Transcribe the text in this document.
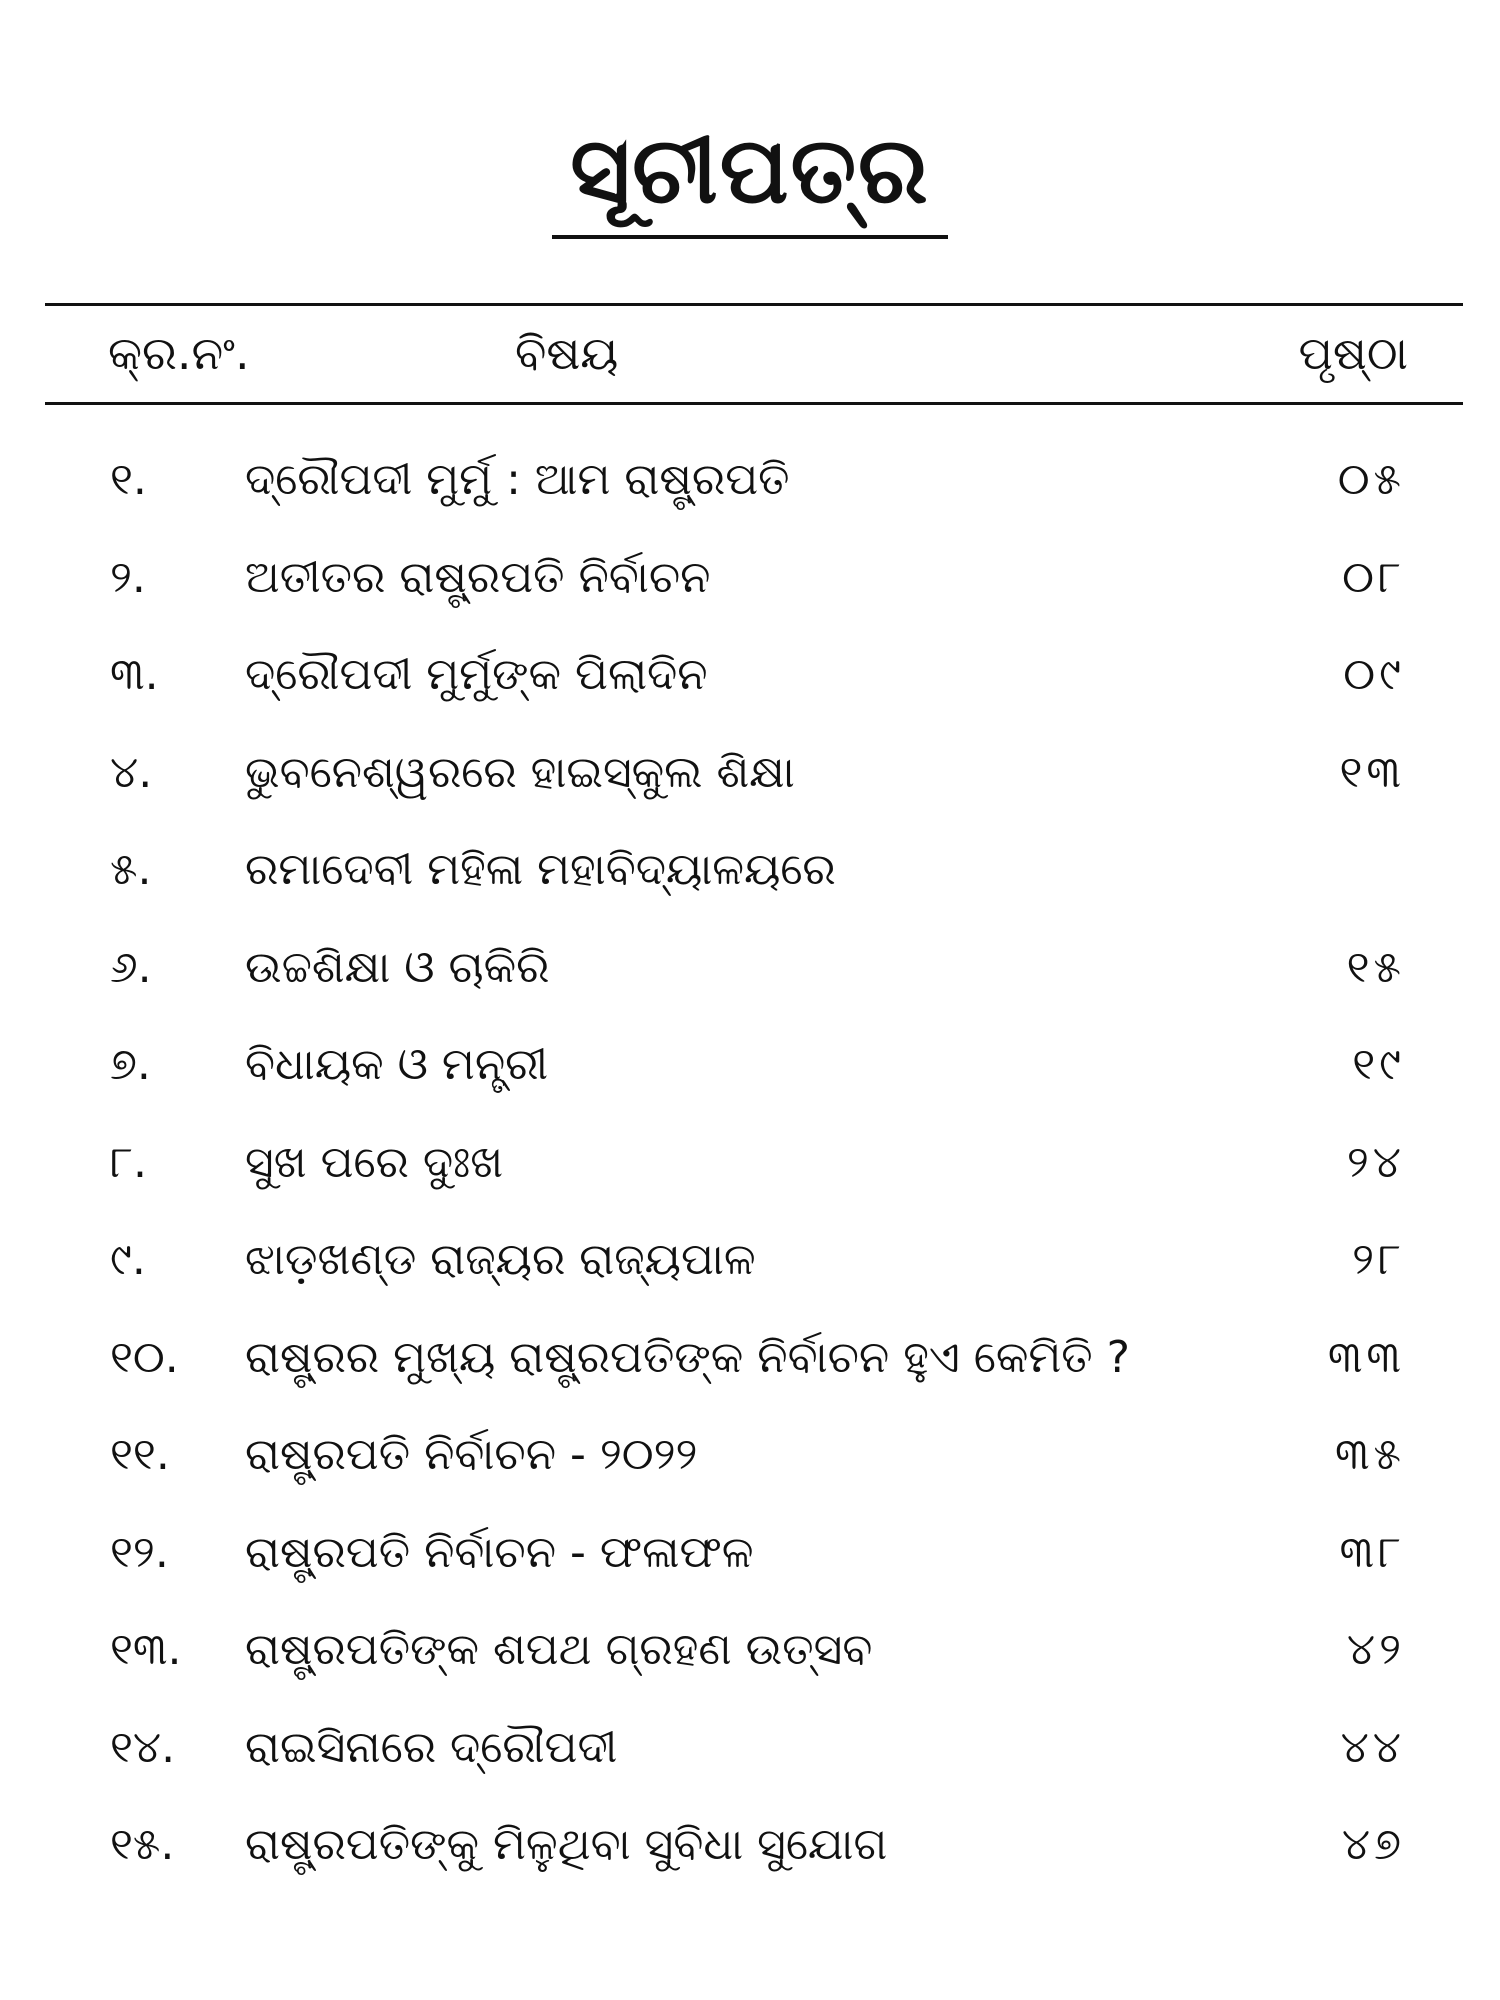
ସୂଚୀପତ୍ର
କ୍ର.ନଂ.	ବିଷୟ	ପୃଷ୍ଠା
୧. ଦ୍ରୌପଦୀ ମୁର୍ମୁ : ଆମ ରାଷ୍ଟ୍ରପତି	୦୫
୨. ଅତୀତର ରାଷ୍ଟ୍ରପତି ନିର୍ବାଚନ	୦୮
୩. ଦ୍ରୌପଦୀ ମୁର୍ମୁଙ୍କ ପିଲାଦିନ	୦୯
୪. ଭୁବନେଶ୍ୱରରେ ହାଇସ୍କୁଲ ଶିକ୍ଷା	୧୩
୫. ରମାଦେବୀ ମହିଳା ମହାବିଦ୍ୟାଳୟରେ
୬. ଉଚ୍ଚଶିକ୍ଷା ଓ ଚାକିରି	୧୫
୭. ବିଧାୟକ ଓ ମନ୍ତ୍ରୀ	୧୯
୮. ସୁଖ ପରେ ଦୁଃଖ	୨୪
୯. ଝାଡ଼ଖଣ୍ଡ ରାଜ୍ୟର ରାଜ୍ୟପାଳ	୨୮
୧୦. ରାଷ୍ଟ୍ରର ମୁଖ୍ୟ ରାଷ୍ଟ୍ରପତିଙ୍କ ନିର୍ବାଚନ ହୁଏ କେମିତି ?	୩୩
୧୧. ରାଷ୍ଟ୍ରପତି ନିର୍ବାଚନ - ୨୦୨୨	୩୫
୧୨. ରାଷ୍ଟ୍ରପତି ନିର୍ବାଚନ - ଫଳାଫଳ	୩୮
୧୩. ରାଷ୍ଟ୍ରପତିଙ୍କ ଶପଥ ଗ୍ରହଣ ଉତ୍ସବ	୪୨
୧୪. ରାଇସିନାରେ ଦ୍ରୌପଦୀ	୪୪
୧୫. ରାଷ୍ଟ୍ରପତିଙ୍କୁ ମିଳୁଥିବା ସୁବିଧା ସୁଯୋଗ	୪୭
